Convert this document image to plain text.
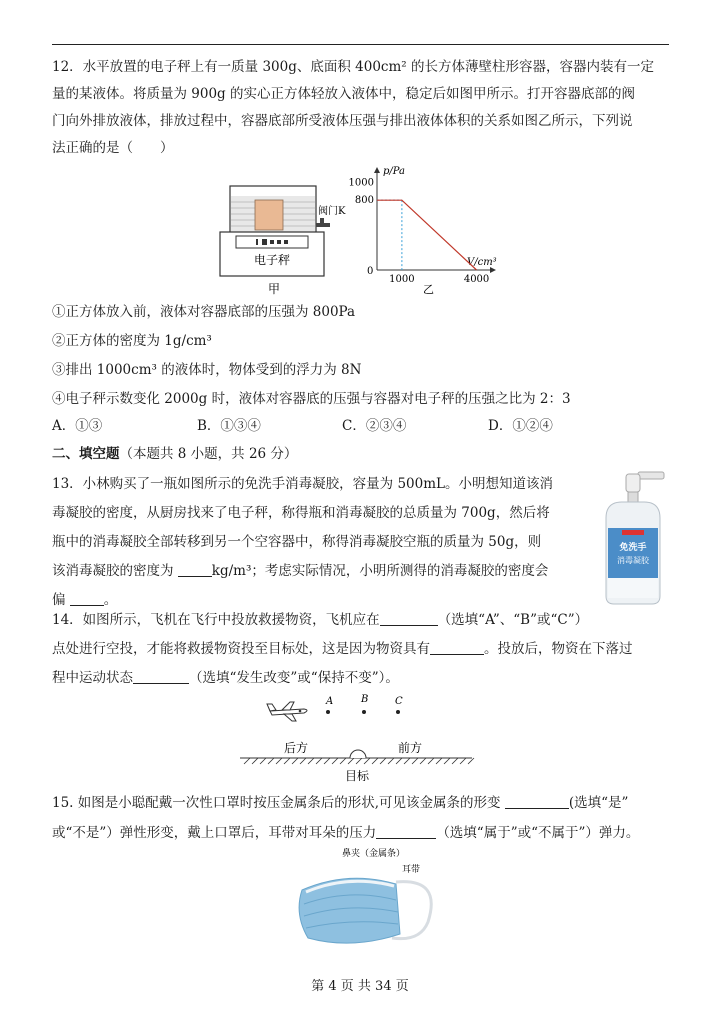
12．水平放置的电子秤上有一质量 300g、底面积 400cm² 的长方体薄壁柱形容器，容器内装有一定

量的某液体。将质量为 900g 的实心正方体轻放入液体中，稳定后如图甲所示。打开容器底部的阀

门向外排放液体，排放过程中，容器底部所受液体压强与排出液体体积的关系如图乙所示，下列说

法正确的是（　　）

阀门K
电子秤
甲
p/Pa
V/cm³
0
1000
800
1000	4000
乙

①正方体放入前，液体对容器底部的压强为 800Pa

②正方体的密度为 1g/cm³

③排出 1000cm³ 的液体时，物体受到的浮力为 8N

④电子秤示数变化 2000g 时，液体对容器底的压强与容器对电子秤的压强之比为 2：3

A．①③	B．①③④	C．②③④	D．①②④
二、填空题（本题共 8 小题，共 26 分）

13．小林购买了一瓶如图所示的免洗手消毒凝胶，容量为 500mL。小明想知道该消

毒凝胶的密度，从厨房找来了电子秤，称得瓶和消毒凝胶的总质量为 700g，然后将

瓶中的消毒凝胶全部转移到另一个空容器中，称得消毒凝胶空瓶的质量为 50g，则

该消毒凝胶的密度为	kg/m³；考虑实际情况，小明所测得的消毒凝胶的密度会

偏	。

免洗手
消毒凝胶

14．如图所示，飞机在飞行中投放救援物资，飞机应在	（选填“A”、“B”或“C”）

点处进行空投，才能将救援物资投至目标处，这是因为物资具有	。投放后，物资在下落过

程中运动状态	（选填“发生改变”或“保持不变”）。

A	B	C
后方	前方
目标

15. 如图是小聪配戴一次性口罩时按压金属条后的形状,可见该金属条的形变	(选填“是”

或“不是”）弹性形变，戴上口罩后，耳带对耳朵的压力	（选填“属于”或“不属于”）弹力。

鼻夹（金属条）
耳带
第 4 页 共 34 页
